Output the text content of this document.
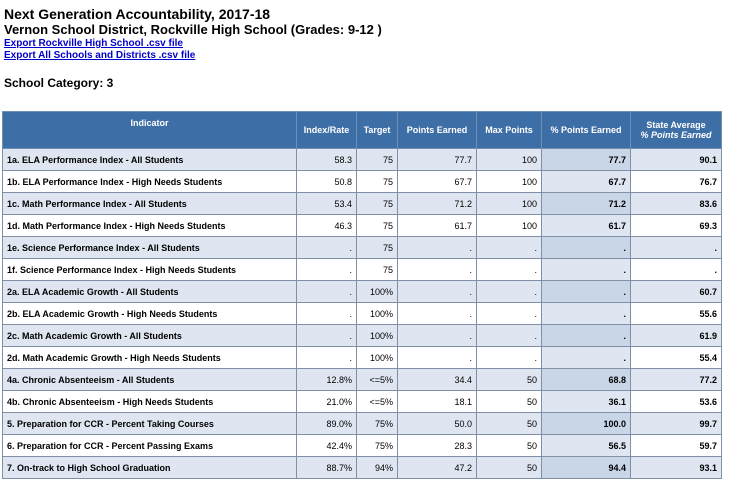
Next Generation Accountability, 2017-18
Vernon School District, Rockville High School (Grades: 9-12 )
Export Rockville High School .csv file
Export All Schools and Districts .csv file
School Category: 3
Indicator	Index/Rate	Target	Points Earned	Max Points	% Points Earned	State Average
% Points Earned

1a. ELA Performance Index - All Students	58.3	75	77.7	100	77.7	90.1
1b. ELA Performance Index - High Needs Students	50.8	75	67.7	100	67.7	76.7
1c. Math Performance Index - All Students	53.4	75	71.2	100	71.2	83.6
1d. Math Performance Index - High Needs Students	46.3	75	61.7	100	61.7	69.3
1e. Science Performance Index - All Students	.	75	.	.	.	.
1f. Science Performance Index - High Needs Students	.	75	.	.	.	.
2a. ELA Academic Growth - All Students	.	100%	.	.	.	60.7
2b. ELA Academic Growth - High Needs Students	.	100%	.	.	.	55.6
2c. Math Academic Growth - All Students	.	100%	.	.	.	61.9
2d. Math Academic Growth - High Needs Students	.	100%	.	.	.	55.4
4a. Chronic Absenteeism - All Students	12.8%	<=5%	34.4	50	68.8	77.2
4b. Chronic Absenteeism - High Needs Students	21.0%	<=5%	18.1	50	36.1	53.6
5. Preparation for CCR - Percent Taking Courses	89.0%	75%	50.0	50	100.0	99.7
6. Preparation for CCR - Percent Passing Exams	42.4%	75%	28.3	50	56.5	59.7
7. On-track to High School Graduation	88.7%	94%	47.2	50	94.4	93.1
